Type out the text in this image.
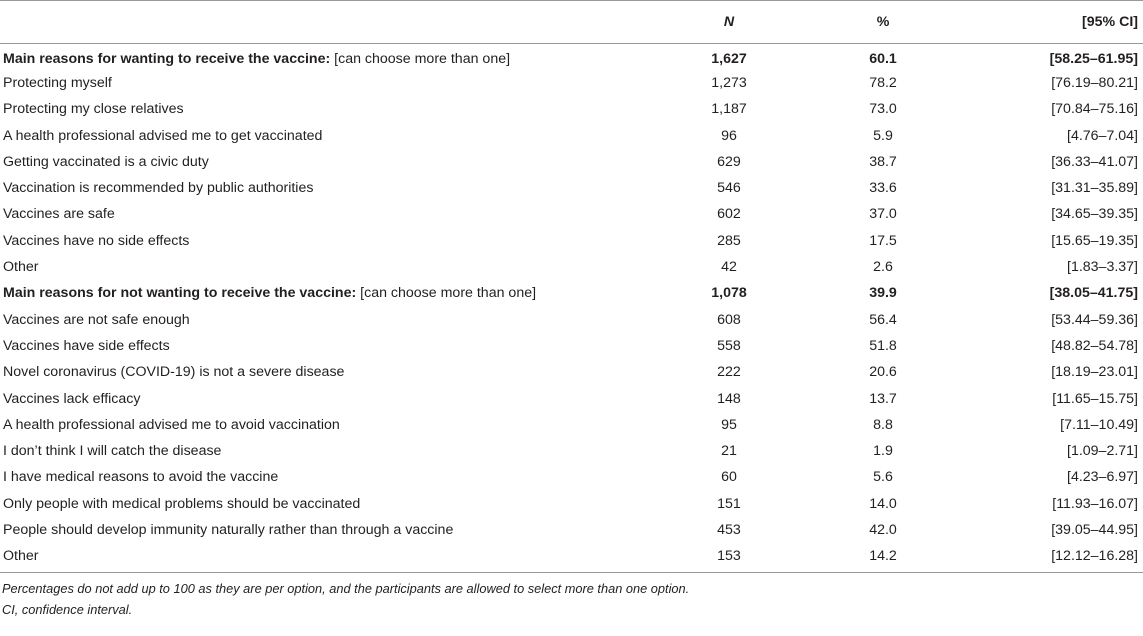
	N	%	[95% CI]
Main reasons for wanting to receive the vaccine: [can choose more than one]	1,627	60.1	[58.25–61.95]
Protecting myself	1,273	78.2	[76.19–80.21]
Protecting my close relatives	1,187	73.0	[70.84–75.16]
A health professional advised me to get vaccinated	96	5.9	[4.76–7.04]
Getting vaccinated is a civic duty	629	38.7	[36.33–41.07]
Vaccination is recommended by public authorities	546	33.6	[31.31–35.89]
Vaccines are safe	602	37.0	[34.65–39.35]
Vaccines have no side effects	285	17.5	[15.65–19.35]
Other	42	2.6	[1.83–3.37]
Main reasons for not wanting to receive the vaccine: [can choose more than one]	1,078	39.9	[38.05–41.75]
Vaccines are not safe enough	608	56.4	[53.44–59.36]
Vaccines have side effects	558	51.8	[48.82–54.78]
Novel coronavirus (COVID-19) is not a severe disease	222	20.6	[18.19–23.01]
Vaccines lack efficacy	148	13.7	[11.65–15.75]
A health professional advised me to avoid vaccination	95	8.8	[7.11–10.49]
I don’t think I will catch the disease	21	1.9	[1.09–2.71]
I have medical reasons to avoid the vaccine	60	5.6	[4.23–6.97]
Only people with medical problems should be vaccinated	151	14.0	[11.93–16.07]
People should develop immunity naturally rather than through a vaccine	453	42.0	[39.05–44.95]
Other	153	14.2	[12.12–16.28]
Percentages do not add up to 100 as they are per option, and the participants are allowed to select more than one option.
CI, confidence interval.
